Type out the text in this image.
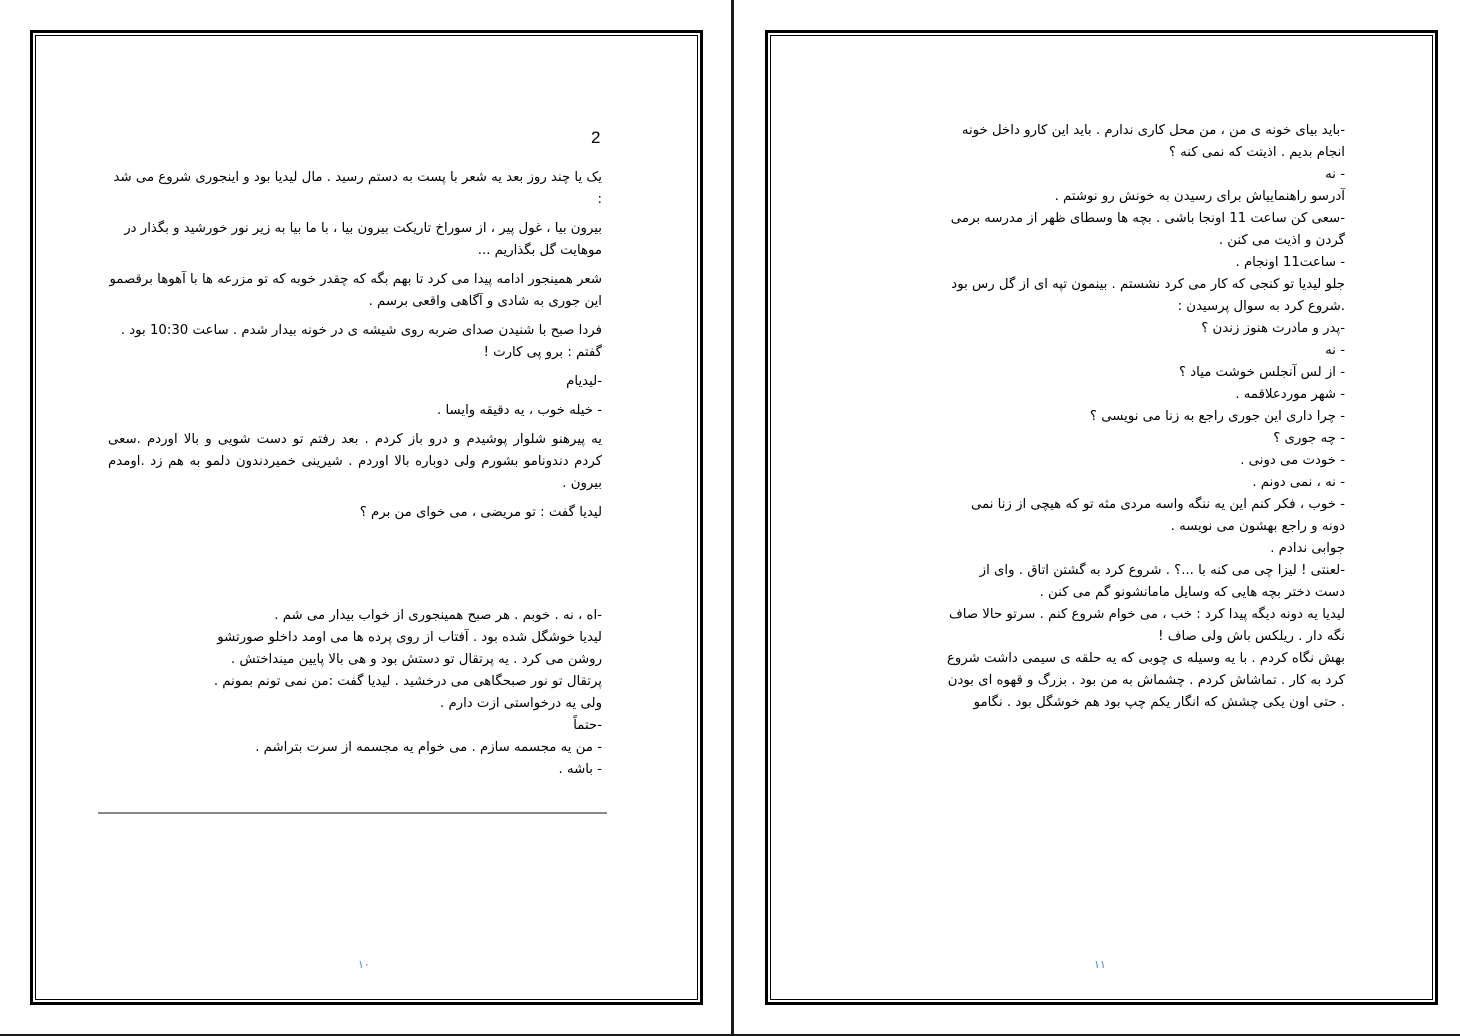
2

یک یا چند روز بعد یه شعر با پست به دستم رسید . مال لیدیا بود و اینجوری شروع می شد :

بیرون بیا ، غول پیر ، از سوراخ تاریکت بیرون بیا ، با ما بیا به زیر نور خورشید و بگذار در موهایت گل بگذاریم ...

شعر همینجور ادامه پیدا می کرد تا بهم بگه که چقدر خوبه که تو مزرعه ها با آهوها برقصمو این جوری به شادی و آگاهی واقعی برسم .

فردا صبح با شنیدن صدای ضربه روی شیشه ی در خونه بیدار شدم . ساعت 10:30 بود . گفتم : برو پی کارت !

-لیدیام

- خیله خوب ، یه دقیقه وایسا .

یه پیرهنو شلوار پوشیدم و درو باز کردم . بعد رفتم تو دست شویی و بالا اوردم .سعی کردم دندونامو بشورم ولی دوباره بالا اوردم . شیرینی خمیردندون دلمو به هم زد .اومدم بیرون .

لیدیا گفت : تو مریضی ، می خوای من برم ؟

-اه ، نه . خوبم . هر صبح همینجوری از خواب بیدار می شم .

لیدیا خوشگل شده بود . آفتاب از روی پرده ها می اومد داخلو صورتشو

روشن می کرد . یه پرتقال تو دستش بود و هی بالا پایین مینداختش .

پرتقال تو نور صبحگاهی می درخشید . لیدیا گفت :من نمی تونم بمونم .

ولی یه درخواستی ازت دارم .

-حتماً

- من یه مجسمه سازم . می خوام یه مجسمه از سرت بتراشم .

- باشه .

۱۰

-باید بیای خونه ی من ، من محل کاری ندارم . باید این کارو داخل خونه

انجام بدیم . اذیتت که نمی کنه ؟

- نه

آدرسو راهنماییاش برای رسیدن به خونش رو نوشتم .

-سعی کن ساعت 11 اونجا باشی . بچه ها وسطای ظهر از مدرسه برمی

گردن و اذیت می کنن .

- ساعت11 اونجام .

جلو لیدیا تو کنجی که کار می کرد نشستم . بینمون تپه ای از گل رس بود

.شروع کرد به سوال پرسیدن :

-پدر و مادرت هنوز زندن ؟

- نه

- از لس آنجلس خوشت میاد ؟

- شهر موردعلاقمه .

- چرا داری این جوری راجع به زنا می نویسی ؟

- چه جوری ؟

- خودت می دونی .

- نه ، نمی دونم .

- خوب ، فکر کنم این یه ننگه واسه مردی مثه تو که هیچی از زنا نمی

دونه و راجع بهشون می نویسه .

جوابی ندادم .

-لعنتی ! لیزا چی می کنه با ...؟ . شروع کرد به گشتن اتاق . وای از

دست دختر بچه هایی که وسایل مامانشونو گم می کنن .

لیدیا یه دونه دیگه پیدا کرد : خب ، می خوام شروع کنم . سرتو حالا صاف

نگه دار . ریلکس باش ولی صاف !

بهش نگاه کردم . با یه وسیله ی چوبی که یه حلقه ی سیمی داشت شروع

کرد به کار . تماشاش کردم . چشماش به من بود . بزرگ و قهوه ای بودن

. حتی اون یکی چشش که انگار یکم چپ بود هم خوشگل بود . نگامو

۱۱
